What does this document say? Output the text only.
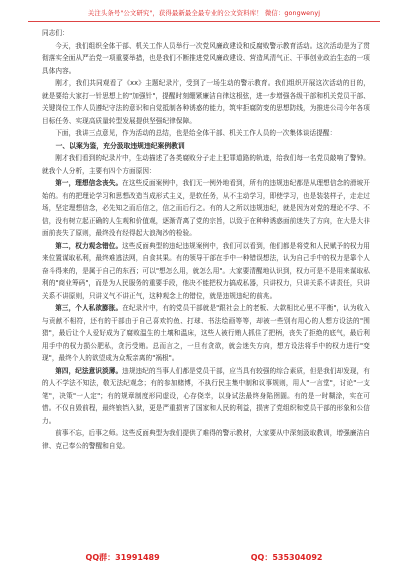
关注头条号"公文研究"，获得最新最全最专业的公文资料库！ 微信：gongwenyj

同志们：

今天，我们组织全体干部、机关工作人员举行一次党风廉政建设和反腐败警示教育活动。这次活动是为了贯彻落实全面从严治党一项重要举措，也是我们不断推进党风廉政建设、营造风清气正、干事创业政治生态的一项具体内容。

刚才，我们共同观看了《xx》主题纪录片，受到了一场生动的警示教育。我们组织开展这次活动的目的，就是要给大家打一针思想上的"加强针"，提醒时刻绷紧廉洁自律这根弦，进一步增强各级干部和机关党员干部、关键岗位工作人员遵纪守法的意识和自觉抵制各种诱惑的能力，筑牢拒腐防变的思想防线，为推进公司今年各项目标任务、实现高质量转型发展提供坚强纪律保障。

下面，我讲三点意见，作为活动的总结，也是给全体干部、机关工作人员的一次集体谈话提醒：

一、以案为鉴，充分汲取违规违纪案例教训

刚才我们看到的纪录片中，生动描述了各类腐败分子走上犯罪道路的轨迹，给我们每一名党员敲响了警钟。就我个人分析，主要有四个方面原因：

第一，理想信念丧失。在这些反面案例中，我们无一例外地看到，所有的违规违纪都是从理想信念的滑坡开始的。有的把理论学习和思想改造当成形式主义，是软任务，从不主动学习，即使学习，也是装装样子，走走过场，坚定理想信念，必先知之而后信之，信之而后行之。有的人之所以违规违纪，就是因为对党的理论不学、不信，没有树立起正确的人生观和价值观，逐渐背离了党的宗旨，以致于在种种诱惑面前迷失了方向，在大是大非面前丧失了原则，最终没有经得起大浪淘沙的检验。

第二，权力观念错位。这些反面典型的违纪违规案例中，我们可以看到，他们都是将党和人民赋予的权力用来位置谋取私利，最终难逃法网，自食其果。有的领导干部在手中一种错误想法，认为自己手中的权力是靠个人奋斗得来的，是属于自己的东西；可以"想怎么用，就怎么用"。大家要清醒地认识到，权力可是不是用来谋取私利的"商业筹码"，而是为人民服务的重要手段，他决不能把权力搞成私器，只讲权力，只讲关系不讲责任，只讲关系不讲原则，只讲义气不讲正气，这种观念上的错位，就是违规违纪的前兆。

第三，个人私欲膨胀。在纪录片中，有的党员干部就是"跟社会上的老板、大款相比心里不平衡"，认为收入与贡献不相符，还有的干部由于自己喜欢钓鱼、打球、书法绘画等等，却被一些别有用心的人想方设法的"围猎"，最后让个人爱好成为了腐败温生的土壤和温床，这些人被行贿人抓住了把柄，丧失了拒绝的底气，最后利用手中的权力损公肥私，贪污受贿。总而言之，一旦有贪欲，就会迷失方向，想方设法将手中的权力进行"变现"，最终个人的欲望成为众叛亲离的"祸根"。

第四，纪法意识淡薄。违规违纪的当事人们都是党员干部，应当具有较强的综合素质，但是我们却发现，有的人不学法不知法，敬无法纪观念；有的参加赌博，不执行民主集中制和议事规则，用人"一言堂"，讨论"一支笔"，决策"一人定"；有的规章制度形同虚设，心存侥幸，以身试法最终身陷囹圄。有的是一时糊涂，实在可惜。不仅自毁前程，最终锒铛入狱，更是严重损害了国家和人民的利益，损害了党组织和党员干部的形象和公信力。

前事不忘，后事之师。这些反面典型为我们提供了难得的警示教材，大家要从中深刻汲取教训，增强廉洁自律、克己奉公的警醒和自觉。

QQ群：31991489	QQ：535304092
